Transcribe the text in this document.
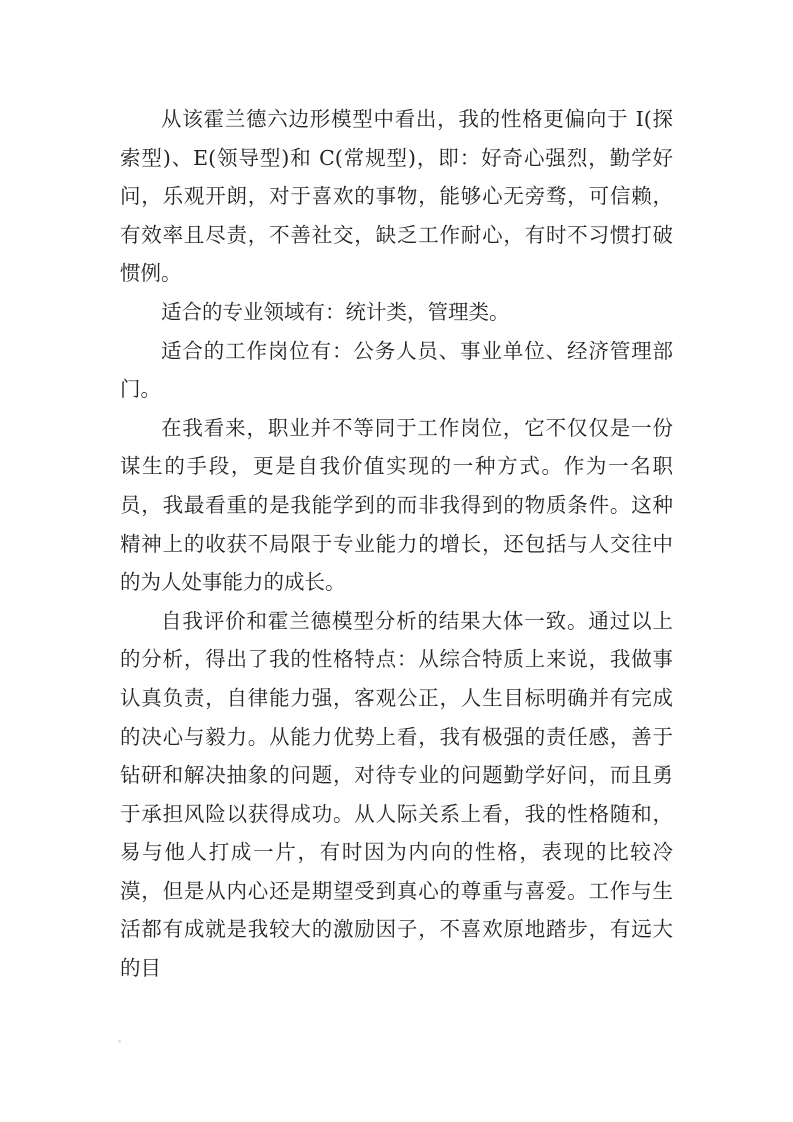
从该霍兰德六边形模型中看出，我的性格更偏向于 I(探索型)、E(领导型)和 C(常规型)，即：好奇心强烈，勤学好问，乐观开朗，对于喜欢的事物，能够心无旁骛，可信赖，有效率且尽责，不善社交，缺乏工作耐心，有时不习惯打破惯例。

适合的专业领域有：统计类，管理类。

适合的工作岗位有：公务人员、事业单位、经济管理部门。

在我看来，职业并不等同于工作岗位，它不仅仅是一份谋生的手段，更是自我价值实现的一种方式。作为一名职员，我最看重的是我能学到的而非我得到的物质条件。这种精神上的收获不局限于专业能力的增长，还包括与人交往中的为人处事能力的成长。

自我评价和霍兰德模型分析的结果大体一致。通过以上的分析，得出了我的性格特点：从综合特质上来说，我做事认真负责，自律能力强，客观公正，人生目标明确并有完成的决心与毅力。从能力优势上看，我有极强的责任感，善于钻研和解决抽象的问题，对待专业的问题勤学好问，而且勇于承担风险以获得成功。从人际关系上看，我的性格随和，易与他人打成一片，有时因为内向的性格，表现的比较冷漠，但是从内心还是期望受到真心的尊重与喜爱。工作与生活都有成就是我较大的激励因子，不喜欢原地踏步，有远大的目
